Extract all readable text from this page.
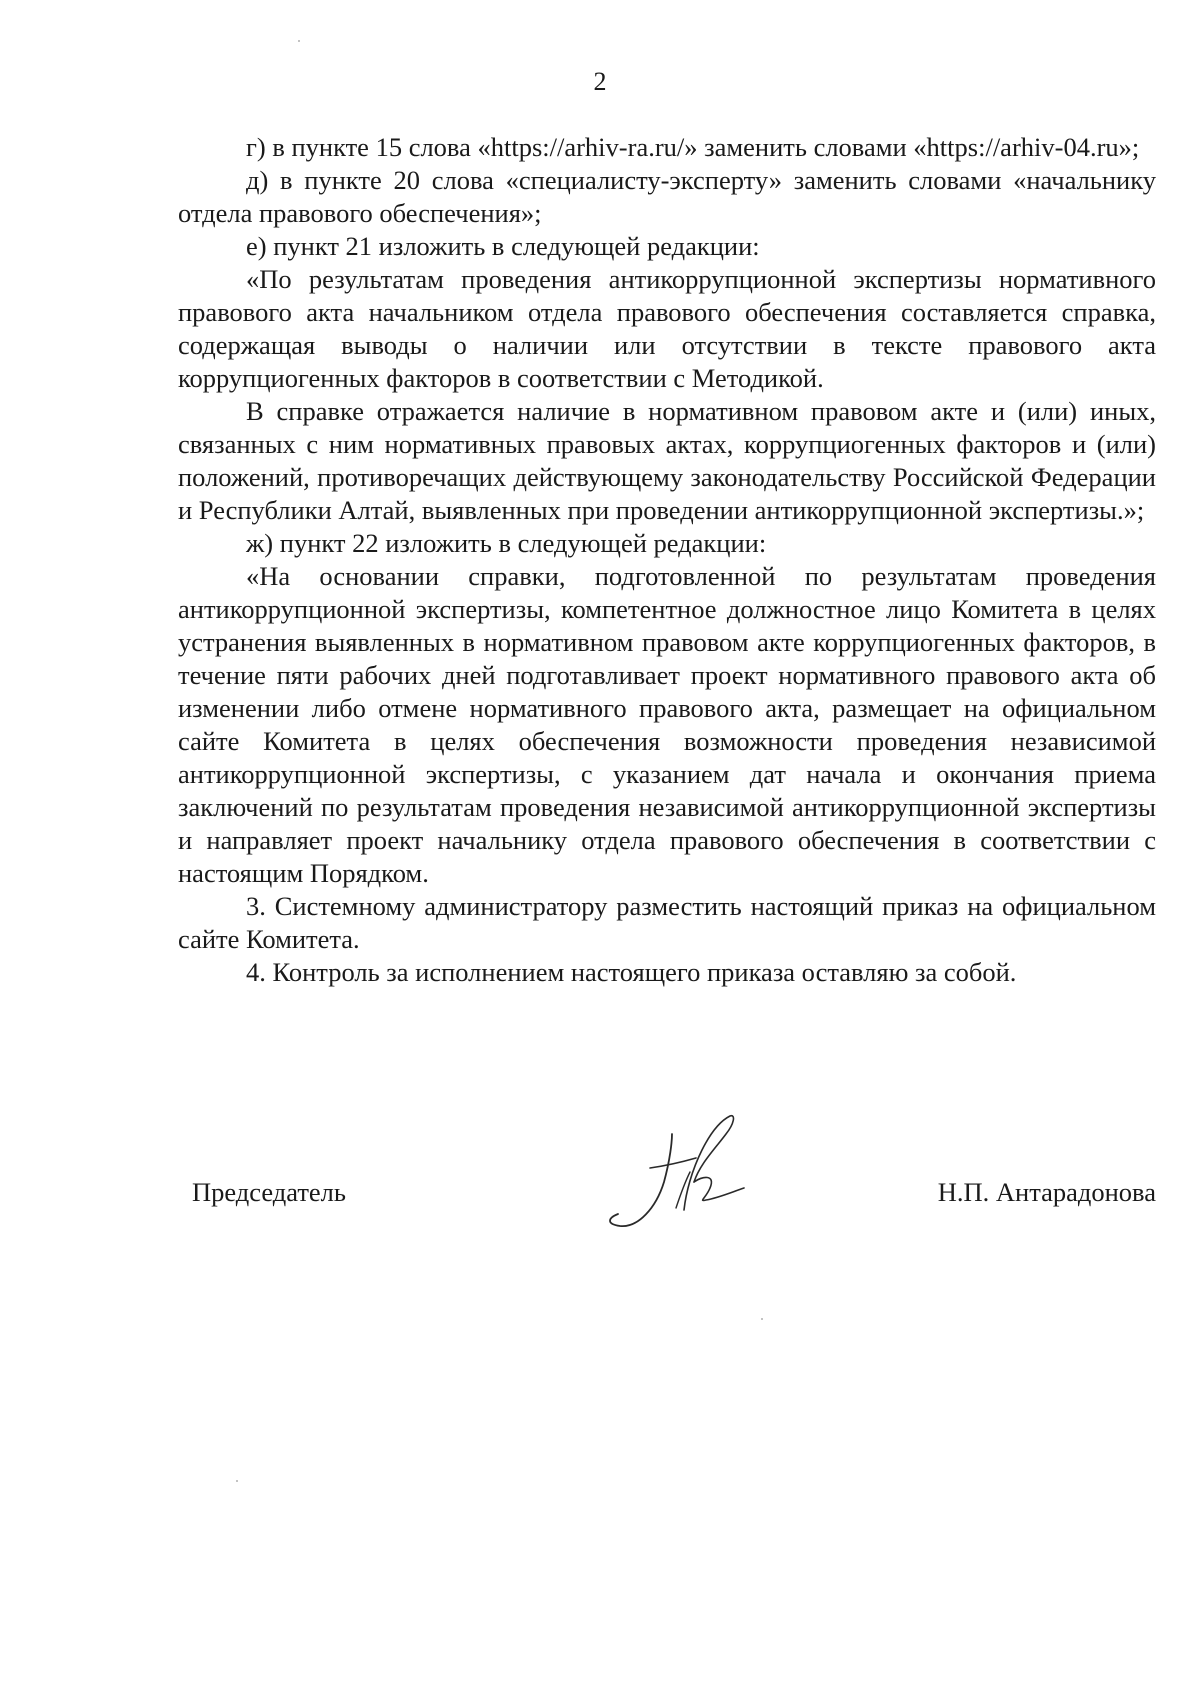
2

г) в пункте 15 слова «https://arhiv-ra.ru/» заменить словами «https://arhiv-04.ru»;

д) в пункте 20 слова «специалисту-эксперту» заменить словами «начальнику отдела правового обеспечения»;

е) пункт 21 изложить в следующей редакции:

«По результатам проведения антикоррупционной экспертизы нормативного правового акта начальником отдела правового обеспечения составляется справка, содержащая выводы о наличии или отсутствии в тексте правового акта коррупциогенных факторов в соответствии с Методикой.

В справке отражается наличие в нормативном правовом акте и (или) иных, связанных с ним нормативных правовых актах, коррупциогенных факторов и (или) положений, противоречащих действующему законодательству Российской Федерации и Республики Алтай, выявленных при проведении антикоррупционной экспертизы.»;

ж) пункт 22 изложить в следующей редакции:

«На основании справки, подготовленной по результатам проведения антикоррупционной экспертизы, компетентное должностное лицо Комитета в целях устранения выявленных в нормативном правовом акте коррупциогенных факторов, в течение пяти рабочих дней подготавливает проект нормативного правового акта об изменении либо отмене нормативного правового акта, размещает на официальном сайте Комитета в целях обеспечения возможности проведения независимой антикоррупционной экспертизы, с указанием дат начала и окончания приема заключений по результатам проведения независимой антикоррупционной экспертизы и направляет проект начальнику отдела правового обеспечения в соответствии с настоящим Порядком.

3. Системному администратору разместить настоящий приказ на официальном сайте Комитета.

4. Контроль за исполнением настоящего приказа оставляю за собой.

Председатель	Н.П. Антарадонова
